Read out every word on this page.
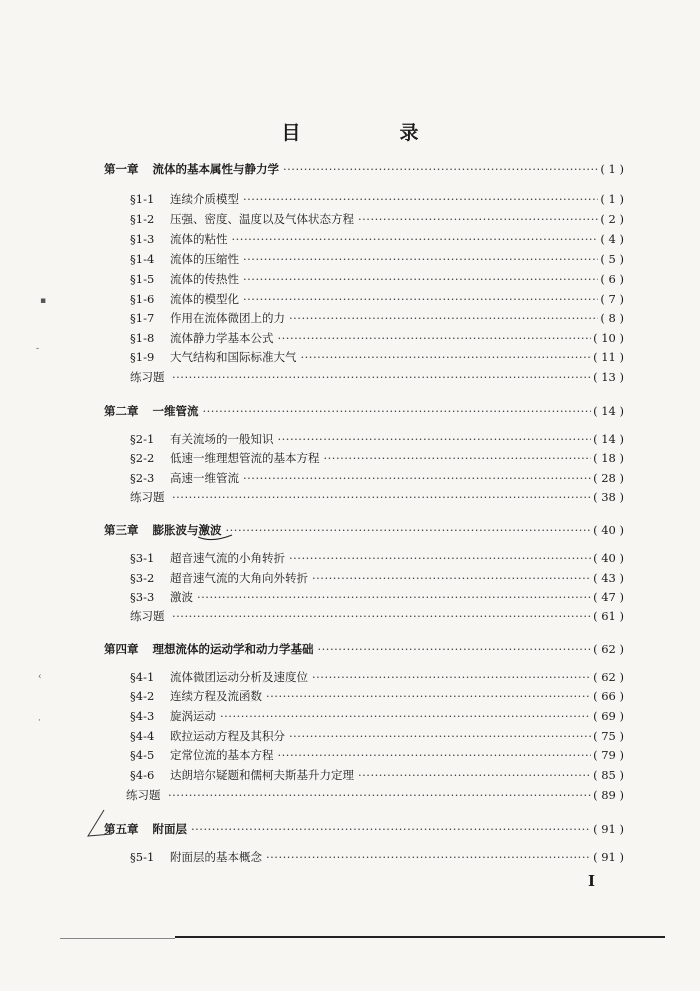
目　录
第一章 流体的基本属性与静力学 ·····	( 1 )
§1-1	连续介质模型 ·····	( 1 )
§1-2	压强、密度、温度以及气体状态方程 ·····	( 2 )
§1-3	流体的粘性 ·····	( 4 )
§1-4	流体的压缩性 ·····	( 5 )
§1-5	流体的传热性 ·····	( 6 )
§1-6	流体的模型化 ·····	( 7 )
§1-7	作用在流体微团上的力 ·····	( 8 )
§1-8	流体静力学基本公式 ·····	( 10 )
§1-9	大气结构和国际标准大气 ·····	( 11 )
练习题 ·····	( 13 )
第二章 一维管流 ·····	( 14 )
§2-1	有关流场的一般知识 ·····	( 14 )
§2-2	低速一维理想管流的基本方程 ·····	( 18 )
§2-3	高速一维管流 ·····	( 28 )
练习题 ·····	( 38 )
第三章 膨胀波与激波 ·····	( 40 )
§3-1	超音速气流的小角转折 ·····	( 40 )
§3-2	超音速气流的大角向外转折 ·····	( 43 )
§3-3	激波 ·····	( 47 )
练习题 ·····	( 61 )
第四章 理想流体的运动学和动力学基础 ·····	( 62 )
§4-1	流体微团运动分析及速度位 ·····	( 62 )
§4-2	连续方程及流函数 ·····	( 66 )
§4-3	旋涡运动 ·····	( 69 )
§4-4	欧拉运动方程及其积分 ·····	( 75 )
§4-5	定常位流的基本方程 ·····	( 79 )
§4-6	达朗培尔疑题和儒柯夫斯基升力定理 ·····	( 85 )
练习题 ·····	( 89 )
第五章 附面层 ·····	( 91 )
§5-1	附面层的基本概念 ·····	( 91 )
I
▪
-
‹
·
